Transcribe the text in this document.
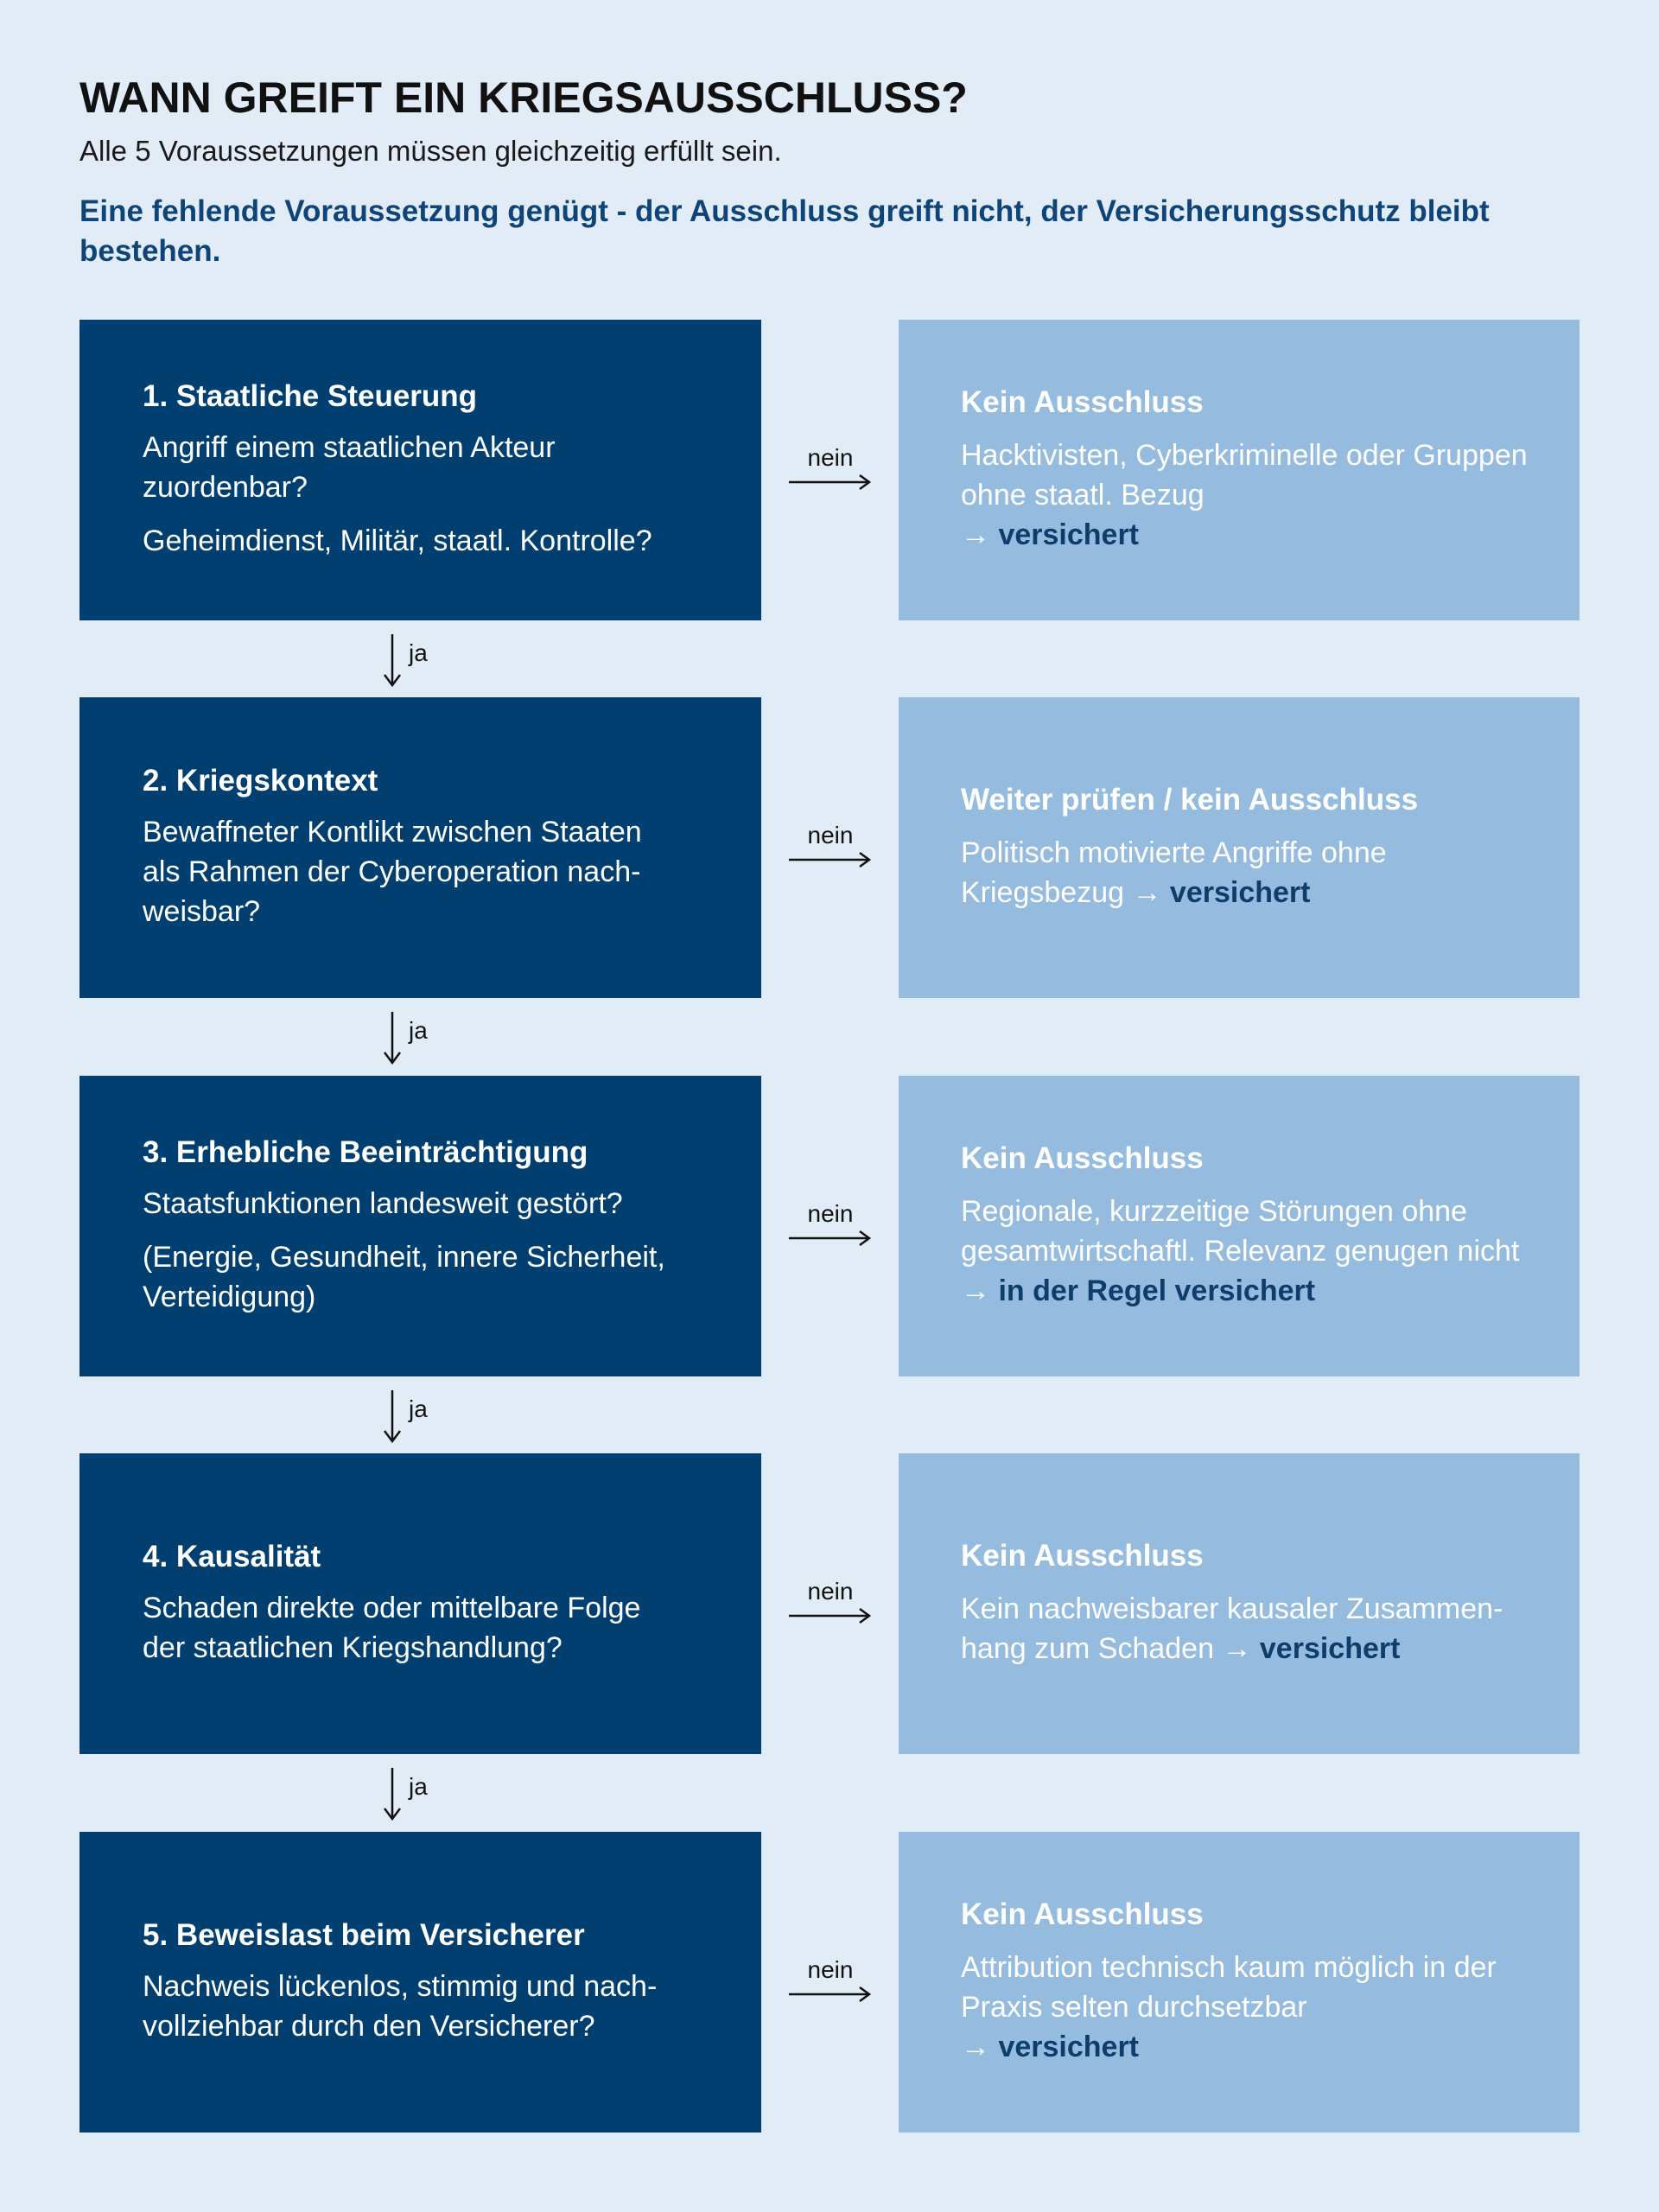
WANN GREIFT EIN KRIEGSAUSSCHLUSS?
Alle 5 Voraussetzungen müssen gleichzeitig erfüllt sein.
Eine fehlende Voraussetzung genügt - der Ausschluss greift nicht, der Versicherungsschutz bleibt bestehen.
1. Staatliche Steuerung

Angriff einem staatlichen Akteur zuordenbar?

Geheimdienst, Militär, staatl. Kontrolle?

nein
Kein Ausschluss

Hacktivisten, Cyberkriminelle oder Gruppen ohne staatl. Bezug
→ versichert

ja
2. Kriegskontext

Bewaffneter Kontlikt zwischen Staaten als Rahmen der Cyberoperation nachweisbar?

nein
Weiter prüfen / kein Ausschluss

Politisch motivierte Angriffe ohne Kriegsbezug → versichert

ja
3. Erhebliche Beeinträchtigung

Staatsfunktionen landesweit gestört?

(Energie, Gesundheit, innere Sicherheit, Verteidigung)

nein
Kein Ausschluss

Regionale, kurzzeitige Störungen ohne gesamtwirtschaftl. Relevanz genugen nicht → in der Regel versichert

ja
4. Kausalität

Schaden direkte oder mittelbare Folge der staatlichen Kriegshandlung?

nein
Kein Ausschluss

Kein nachweisbarer kausaler Zusammenhang zum Schaden → versichert

ja
5. Beweislast beim Versicherer

Nachweis lückenlos, stimmig und nachvollziehbar durch den Versicherer?

nein
Kein Ausschluss

Attribution technisch kaum möglich in der Praxis selten durchsetzbar
→ versichert
